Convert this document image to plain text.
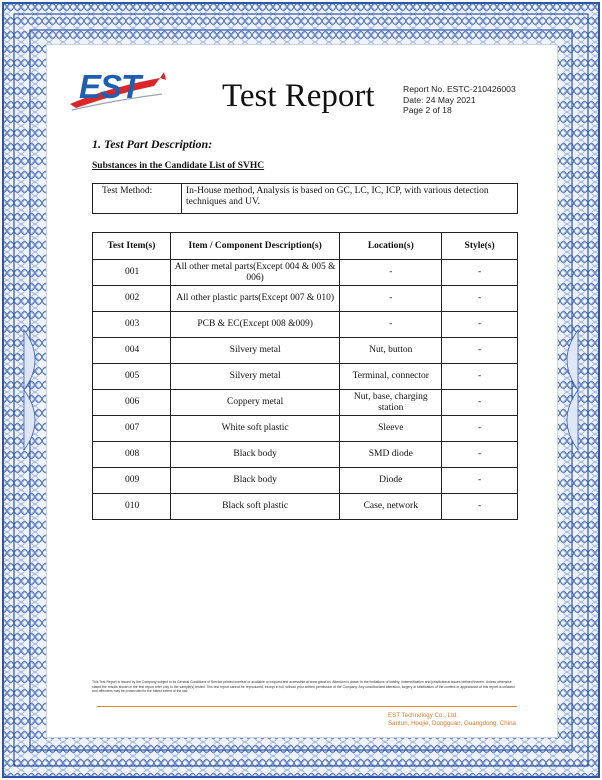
EST Test Report	Report No. ESTC-210426003
Date: 24 May 2021
Page 2 of 18
1. Test Part Description:
Substances in the Candidate List of SVHC
Test Method:	In-House method, Analysis is based on GC, LC, IC, ICP, with various detection techniques and UV.
Test Item(s)	Item / Component Description(s)	Location(s)	Style(s)
001	All other metal parts(Except 004 & 005 & 006)	-	-
002	All other plastic parts(Except 007 & 010)	-	-
003	PCB & EC(Except 008 &009)	-	-
004	Silvery metal	Nut, button	-
005	Silvery metal	Terminal, connector	-
006	Coppery metal	Nut, base, charging station	-
007	White soft plastic	Sleeve	-
008	Black body	SMD diode	-
009	Black body	Diode	-
010	Black soft plastic	Case, network	-
This Test Report is issued by the Company subject to its General Conditions of Service printed overleaf or available on request and accessible at www.gdcst.cn. Attention is drawn to the limitations of liability, indemnification and jurisdictional issues defined therein. Unless otherwise stated the results shown in the test report refer only to the sample(s) tested. This test report cannot be reproduced, except in full, without prior written permission of the Company. Any unauthorized alteration, forgery or falsification of the content or appearance of this report is unlawful and offenders may be prosecuted to the fullest extent of the law.
EST Technology Co., Ltd.
Santun, Houjie, Dongguan, Guangdong, China
